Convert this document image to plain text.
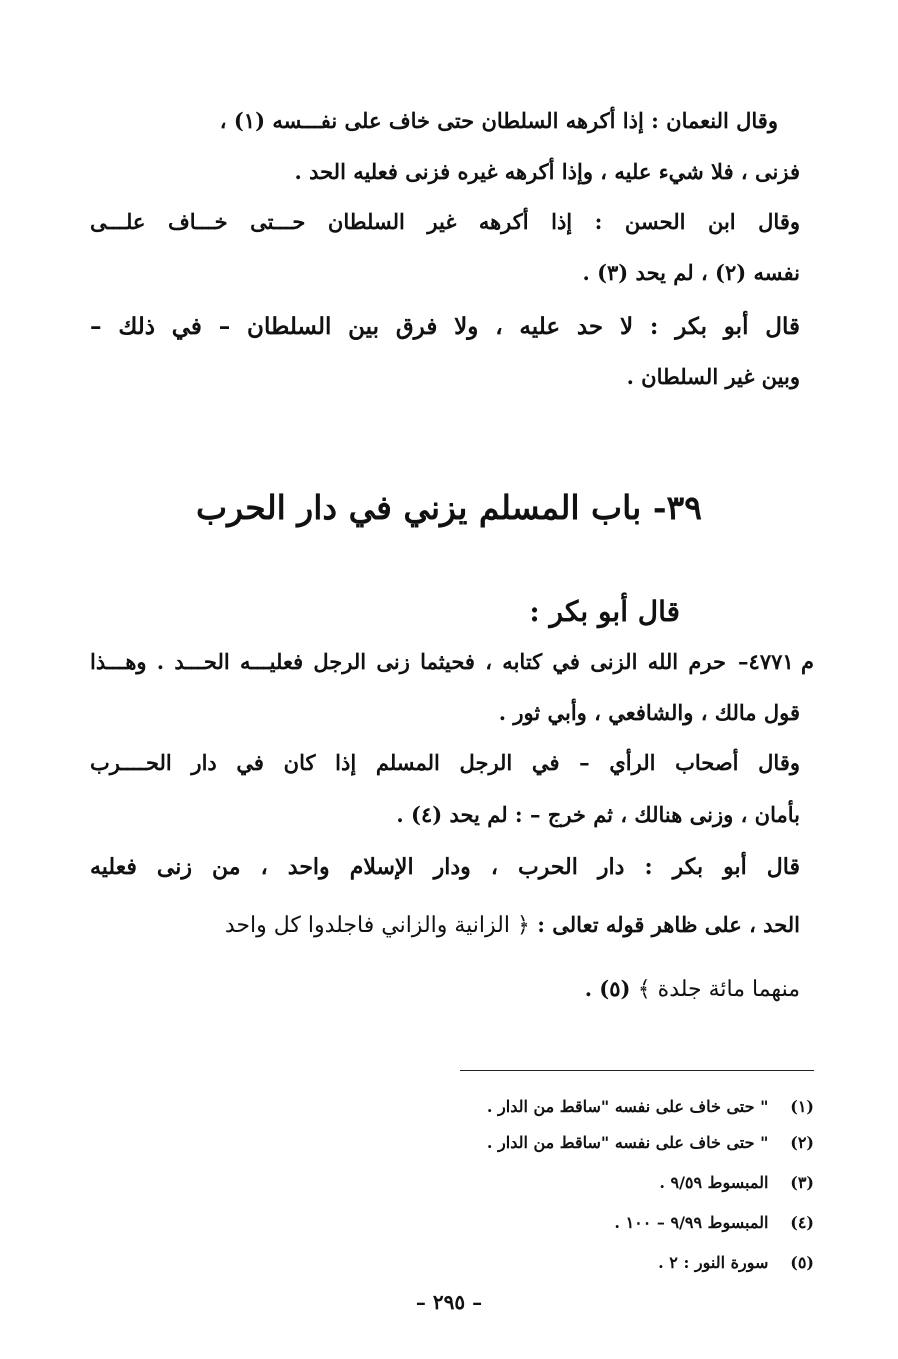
وقال النعمان : إذا أكرهه السلطان حتى خاف على نفـــسه (١) ،
فزنى ، فلا شيء عليه ، وإذا أكرهه غيره فزنى فعليه الحد .
وقال ابن الحسن : إذا أكرهه غير السلطان حـــتى خـــاف علـــى
نفسه (٢) ، لم يحد (٣) .
قال أبو بكر : لا حد عليه ، ولا فرق بين السلطان – في ذلك –
وبين غير السلطان .
٣٩- باب المسلم يزني في دار الحرب
قال أبو بكر :
م ٤٧٧١–
حرم الله الزنى في كتابه ، فحيثما زنى الرجل فعليـــه الحـــد . وهـــذا
قول مالك ، والشافعي ، وأبي ثور .
وقال أصحاب الرأي – في الرجل المسلم إذا كان في دار الحــــرب
بأمان ، وزنى هنالك ، ثم خرج – : لم يحد (٤) .
قال أبو بكر : دار الحرب ، ودار الإسلام واحد ، من زنى فعليه
الحد ، على ظاهر قوله تعالى : ﴿ الزانية والزاني فاجلدوا كل واحد
منهما مائة جلدة ﴾ (٥) .
(١) " حتى خاف على نفسه "ساقط من الدار .
(٢) " حتى خاف على نفسه "ساقط من الدار .
(٣) المبسوط ٩/٥٩ .
(٤) المبسوط ٩/٩٩ – ١٠٠ .
(٥) سورة النور : ٢ .
– ٢٩٥ –
